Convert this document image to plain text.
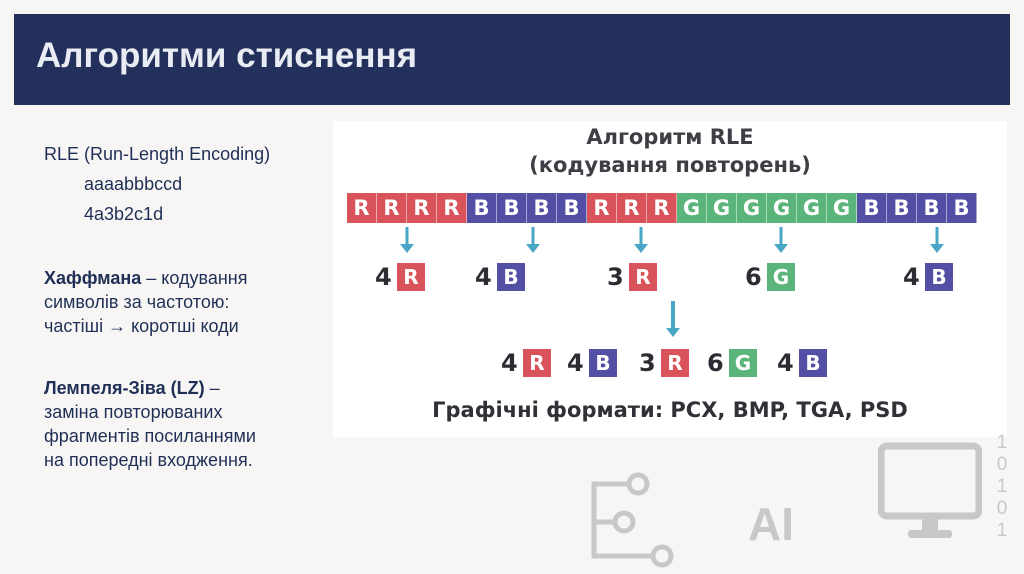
Алгоритми стиснення
RLE (Run-Length Encoding)
aaaabbbccd
4a3b2c1d
Хаффмана – кодування
символів за частотою:
частіші → коротші коди
Лемпеля-Зіва (LZ) –
заміна повторюваних
фрагментів посиланнями
на попередні входження.
Алгоритм RLE
(кодування повторень)
R R R R B B B B R R R G G G G G G B B B B
Графічні формати: PCX, BMP, TGA, PSD
4 R 4 B	3 R	6 G	4 B
4 R 4 B 3 R 6 G 4 B
AI
1
0
1
0
1
